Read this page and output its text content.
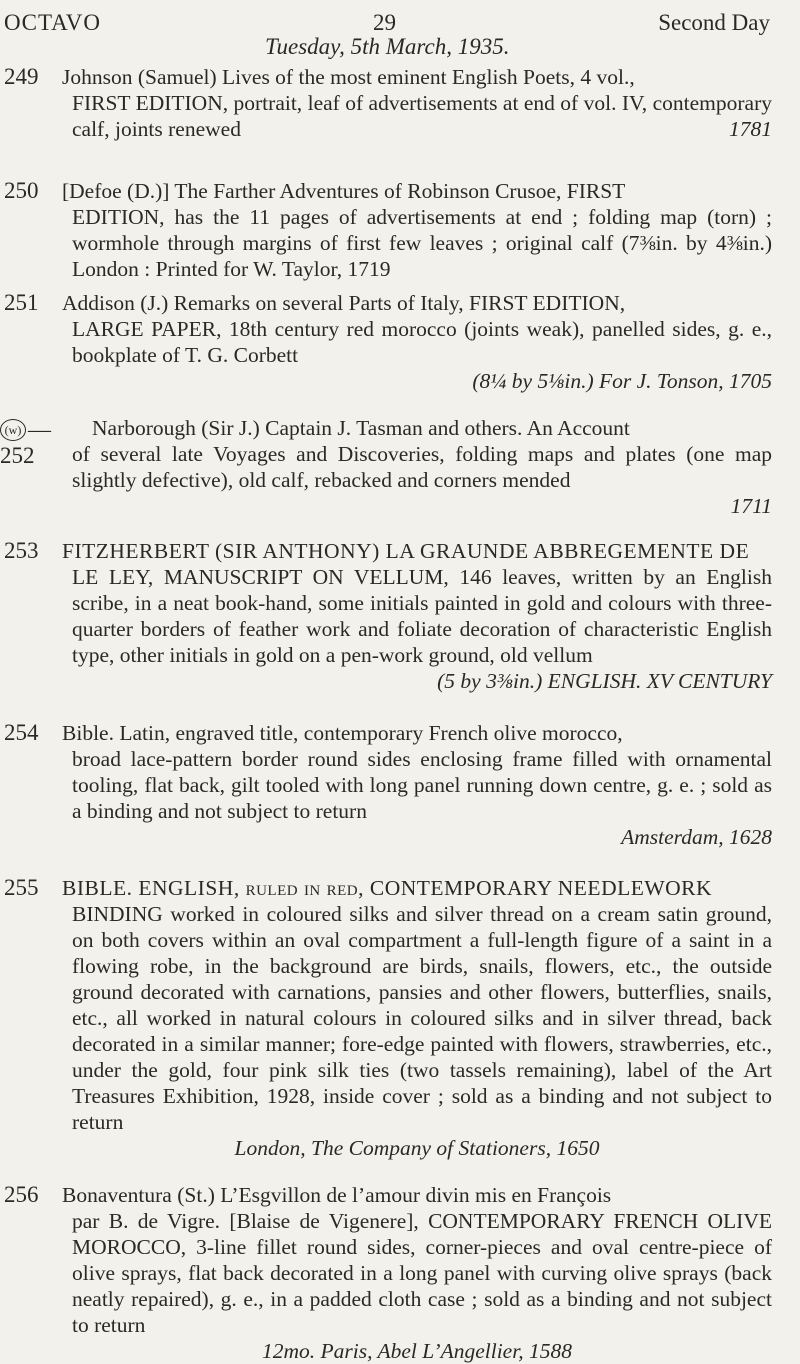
OCTAVO	29	Second Day
Tuesday, 5th March, 1935.
249	Johnson (Samuel) Lives of the most eminent English Poets, 4 vol.,
FIRST EDITION, portrait, leaf of advertisements at end of vol. IV, contemporary calf, joints renewed	1781
250	[Defoe (D.)] The Farther Adventures of Robinson Crusoe, FIRST
EDITION, has the 11 pages of advertisements at end ; folding map (torn) ; wormhole through margins of first few leaves ; original calf (7⅜in. by 4⅜in.) London : Printed for W. Taylor, 1719
251	Addison (J.) Remarks on several Parts of Italy, FIRST EDITION,
LARGE PAPER, 18th century red morocco (joints weak), panelled sides, g. e., bookplate of T. G. Corbett
(8¼ by 5⅛in.) For J. Tonson, 1705
(w) —252
Narborough (Sir J.) Captain J. Tasman and others. An Account
of several late Voyages and Discoveries, folding maps and plates (one map slightly defective), old calf, rebacked and corners mended
1711
253	FITZHERBERT (SIR ANTHONY) LA GRAUNDE ABBREGEMENTE DE
LE LEY, MANUSCRIPT ON VELLUM, 146 leaves, written by an English scribe, in a neat book-hand, some initials painted in gold and colours with three-quarter borders of feather work and foliate decoration of characteristic English type, other initials in gold on a pen-work ground, old vellum
(5 by 3⅜in.) ENGLISH. XV CENTURY
254	Bible. Latin, engraved title, contemporary French olive morocco,
broad lace-pattern border round sides enclosing frame filled with ornamental tooling, flat back, gilt tooled with long panel running down centre, g. e. ; sold as a binding and not subject to return
Amsterdam, 1628
255	BIBLE. ENGLISH, ruled in red, CONTEMPORARY NEEDLEWORK
BINDING worked in coloured silks and silver thread on a cream satin ground, on both covers within an oval compartment a full-length figure of a saint in a flowing robe, in the background are birds, snails, flowers, etc., the outside ground decorated with carnations, pansies and other flowers, butterflies, snails, etc., all worked in natural colours in coloured silks and in silver thread, back decorated in a similar manner; fore-edge painted with flowers, strawberries, etc., under the gold, four pink silk ties (two tassels remaining), label of the Art Treasures Exhibition, 1928, inside cover ; sold as a binding and not subject to return
London, The Company of Stationers, 1650
256	Bonaventura (St.) L’Esgvillon de l’amour divin mis en François
par B. de Vigre. [Blaise de Vigenere], CONTEMPORARY FRENCH OLIVE MOROCCO, 3-line fillet round sides, corner-pieces and oval centre-piece of olive sprays, flat back decorated in a long panel with curving olive sprays (back neatly repaired), g. e., in a padded cloth case ; sold as a binding and not subject to return
12mo. Paris, Abel L’Angellier, 1588
